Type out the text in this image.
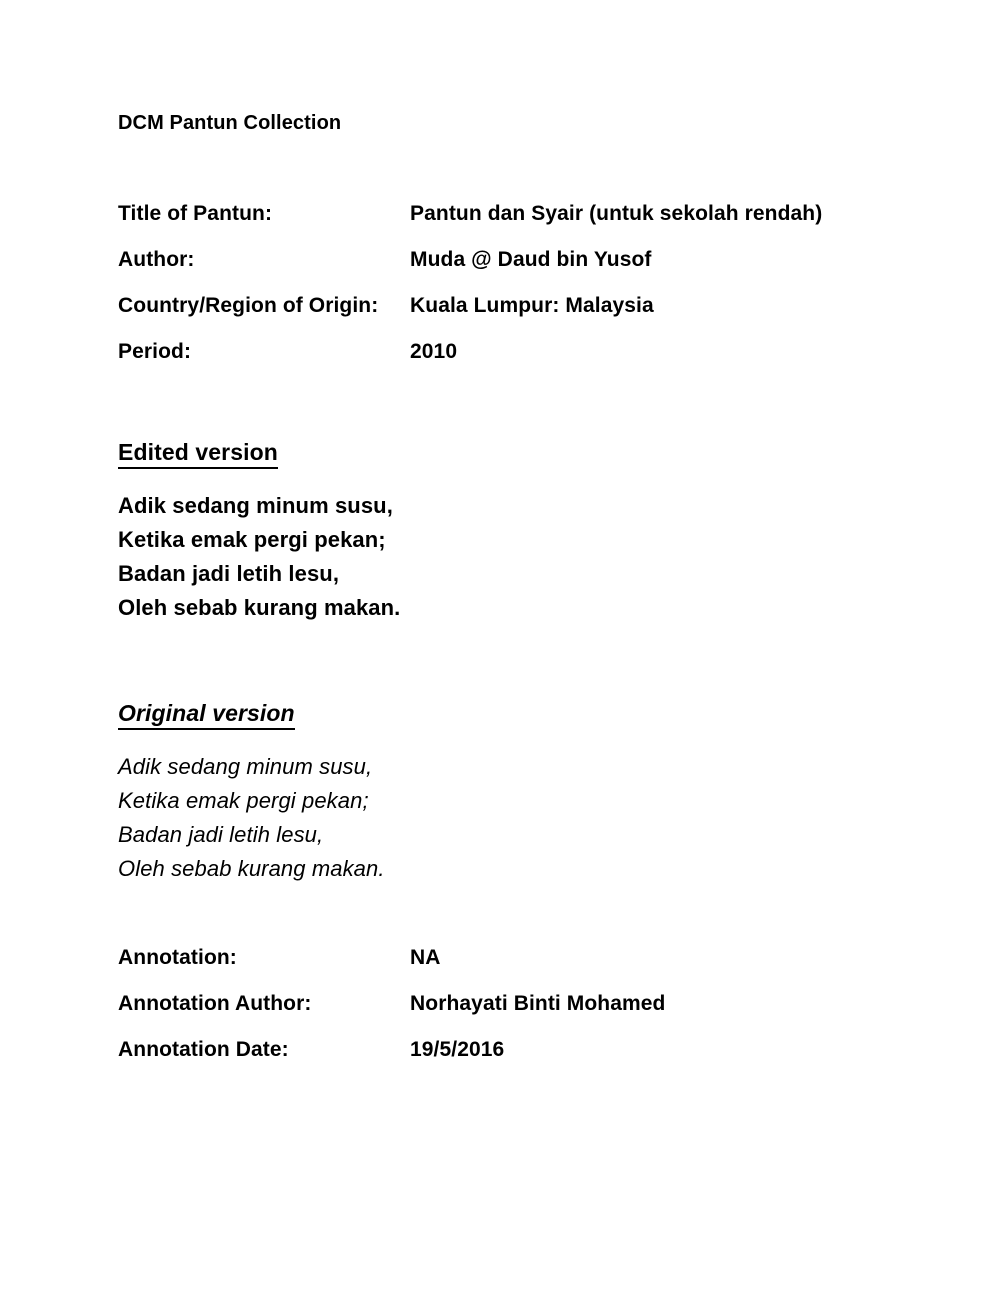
DCM Pantun Collection
Title of Pantun:	Pantun dan Syair (untuk sekolah rendah)
Author:	Muda @ Daud bin Yusof
Country/Region of Origin:	Kuala Lumpur: Malaysia
Period:	2010
Edited version
Adik sedang minum susu,
Ketika emak pergi pekan;
Badan jadi letih lesu,
Oleh sebab kurang makan.
Original version
Adik sedang minum susu,
Ketika emak pergi pekan;
Badan jadi letih lesu,
Oleh sebab kurang makan.
Annotation:	NA
Annotation Author:	Norhayati Binti Mohamed
Annotation Date:	19/5/2016
